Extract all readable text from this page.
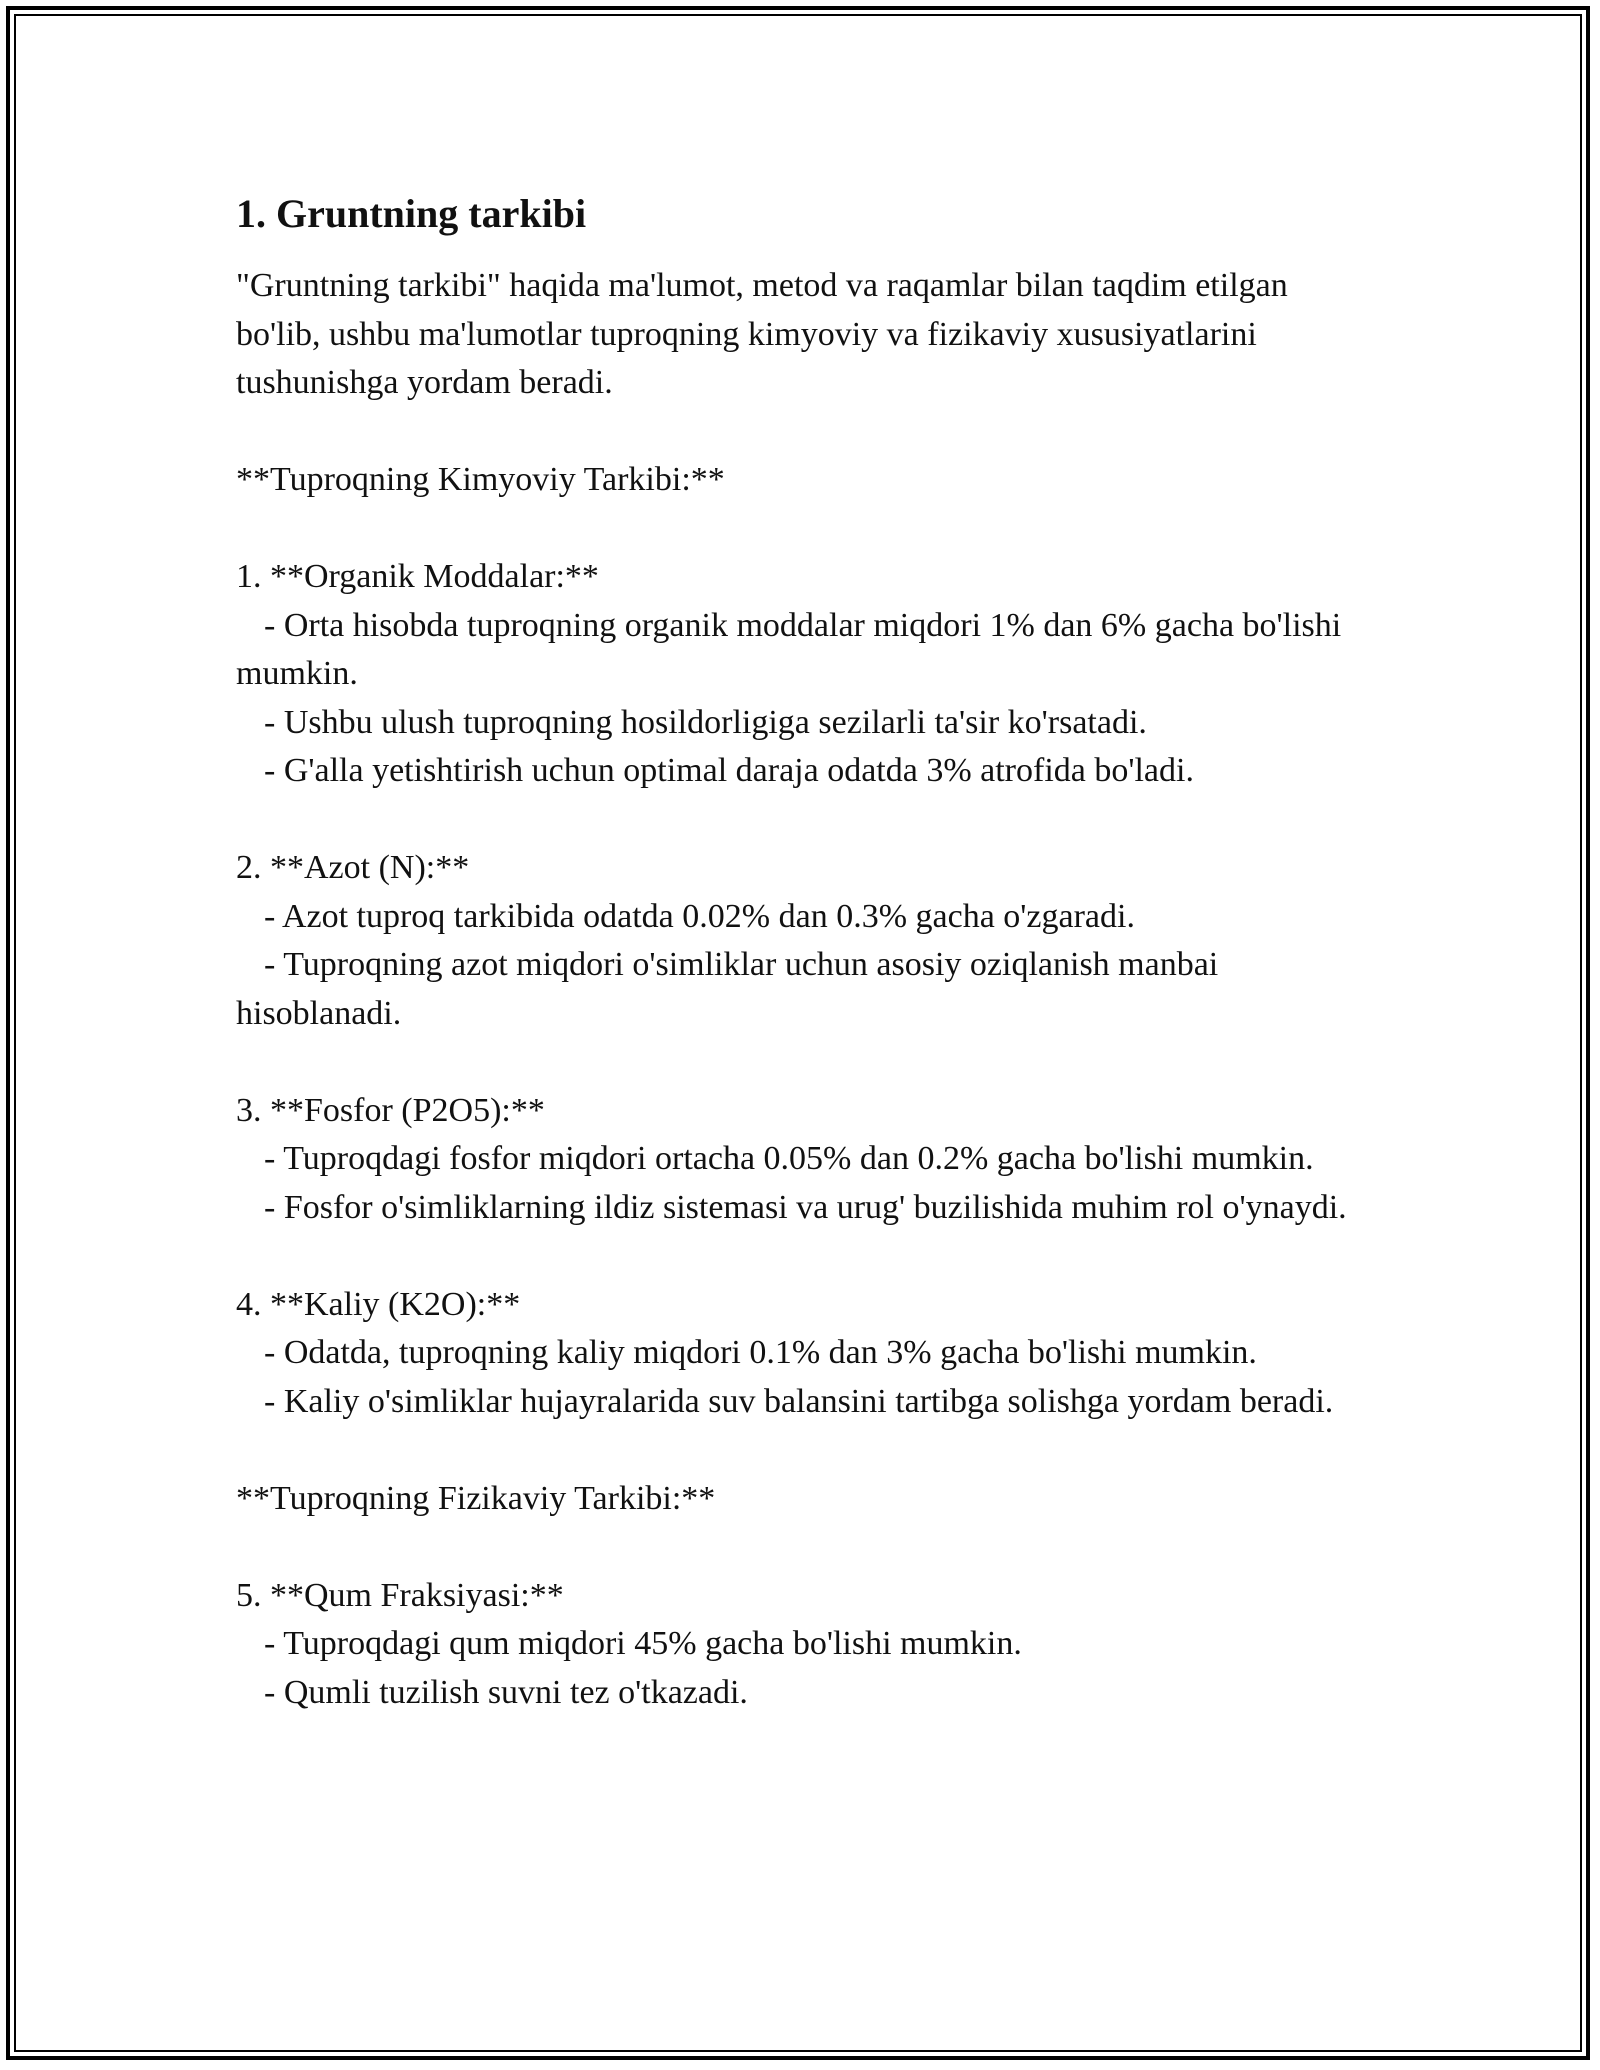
1. Gruntning tarkibi

"Gruntning tarkibi" haqida ma'lumot, metod va raqamlar bilan taqdim etilgan bo'lib, ushbu ma'lumotlar tuproqning kimyoviy va fizikaviy xususiyatlarini tushunishga yordam beradi.

**Tuproqning Kimyoviy Tarkibi:**

1. **Organik Moddalar:**

- Orta hisobda tuproqning organik moddalar miqdori 1% dan 6% gacha bo'lishi mumkin.

- Ushbu ulush tuproqning hosildorligiga sezilarli ta'sir ko'rsatadi.

- G'alla yetishtirish uchun optimal daraja odatda 3% atrofida bo'ladi.

2. **Azot (N):**

- Azot tuproq tarkibida odatda 0.02% dan 0.3% gacha o'zgaradi.

- Tuproqning azot miqdori o'simliklar uchun asosiy oziqlanish manbai hisoblanadi.

3. **Fosfor (P2O5):**

- Tuproqdagi fosfor miqdori ortacha 0.05% dan 0.2% gacha bo'lishi mumkin.

- Fosfor o'simliklarning ildiz sistemasi va urug' buzilishida muhim rol o'ynaydi.

4. **Kaliy (K2O):**

- Odatda, tuproqning kaliy miqdori 0.1% dan 3% gacha bo'lishi mumkin.

- Kaliy o'simliklar hujayralarida suv balansini tartibga solishga yordam beradi.

**Tuproqning Fizikaviy Tarkibi:**

5. **Qum Fraksiyasi:**

- Tuproqdagi qum miqdori 45% gacha bo'lishi mumkin.

- Qumli tuzilish suvni tez o'tkazadi.
